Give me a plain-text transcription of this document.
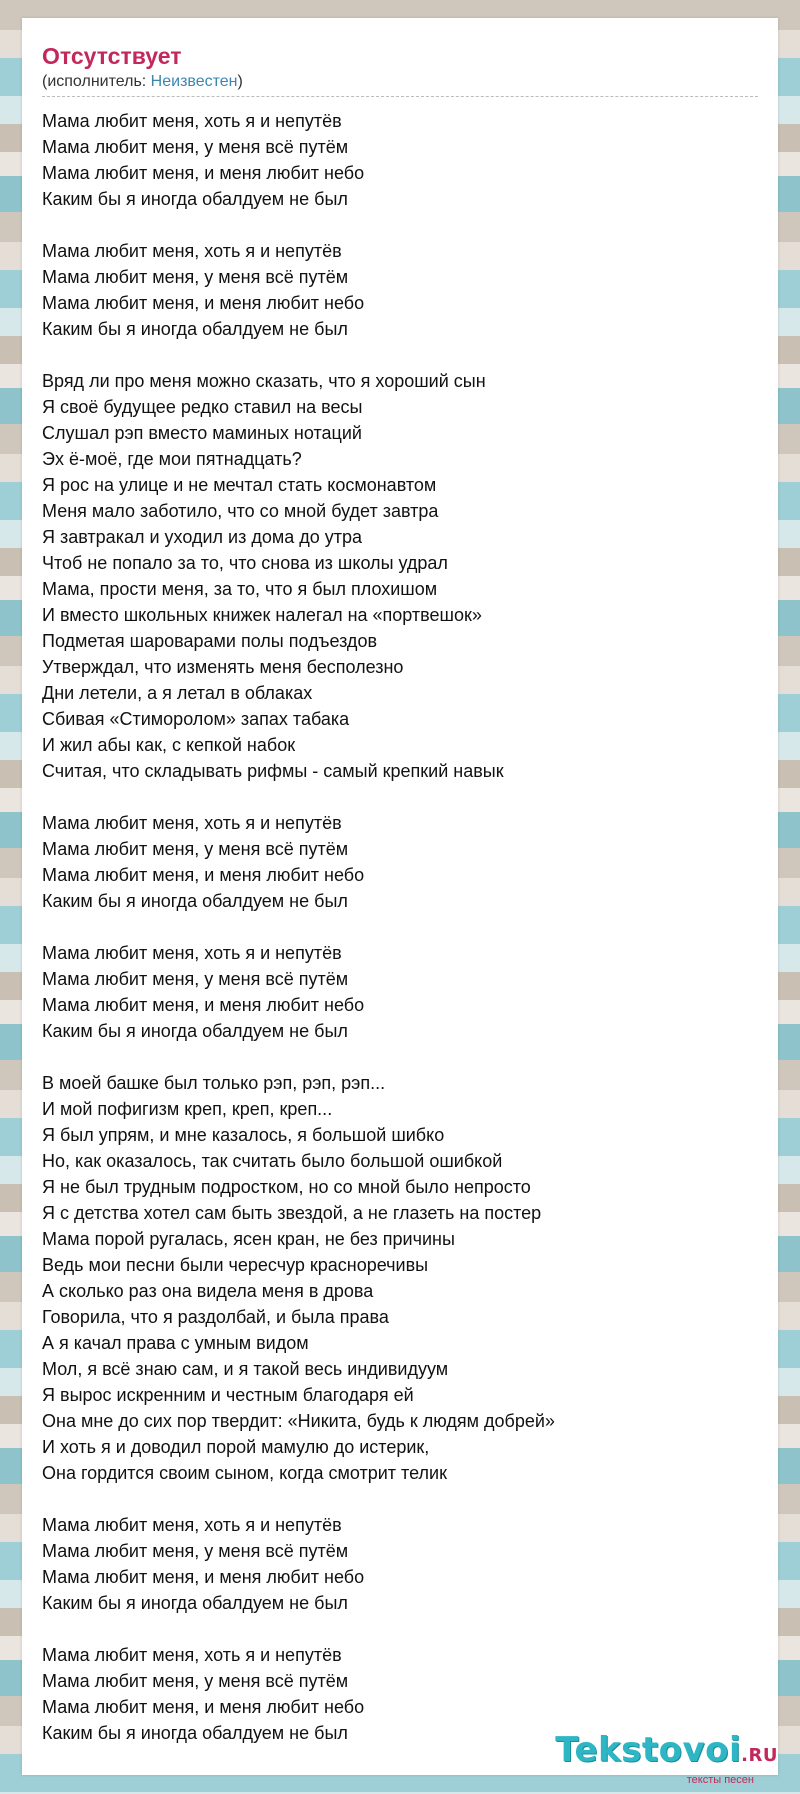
Отсутствует
(исполнитель: Неизвестен)
Мама любит меня, хоть я и непутёв
Мама любит меня, у меня всё путём
Мама любит меня, и меня любит небо
Каким бы я иногда обалдуем не был
Мама любит меня, хоть я и непутёв
Мама любит меня, у меня всё путём
Мама любит меня, и меня любит небо
Каким бы я иногда обалдуем не был
Вряд ли про меня можно сказать, что я хороший сын
Я своё будущее редко ставил на весы
Слушал рэп вместо маминых нотаций
Эх ё-моё, где мои пятнадцать?
Я рос на улице и не мечтал стать космонавтом
Меня мало заботило, что со мной будет завтра
Я завтракал и уходил из дома до утра
Чтоб не попало за то, что снова из школы удрал
Мама, прости меня, за то, что я был плохишом
И вместо школьных книжек налегал на «портвешок»
Подметая шароварами полы подъездов
Утверждал, что изменять меня бесполезно
Дни летели, а я летал в облаках
Сбивая «Стиморолом» запах табака
И жил абы как, с кепкой набок
Считая, что складывать рифмы - самый крепкий навык
Мама любит меня, хоть я и непутёв
Мама любит меня, у меня всё путём
Мама любит меня, и меня любит небо
Каким бы я иногда обалдуем не был
Мама любит меня, хоть я и непутёв
Мама любит меня, у меня всё путём
Мама любит меня, и меня любит небо
Каким бы я иногда обалдуем не был
В моей башке был только рэп, рэп, рэп...
И мой пофигизм креп, креп, креп...
Я был упрям, и мне казалось, я большой шибко
Но, как оказалось, так считать было большой ошибкой
Я не был трудным подростком, но со мной было непросто
Я с детства хотел сам быть звездой, а не глазеть на постер
Мама порой ругалась, ясен кран, не без причины
Ведь мои песни были чересчур красноречивы
А сколько раз она видела меня в дрова
Говорила, что я раздолбай, и была права
А я качал права с умным видом
Мол, я всё знаю сам, и я такой весь индивидуум
Я вырос искренним и честным благодаря ей
Она мне до сих пор твердит: «Никита, будь к людям добрей»
И хоть я и доводил порой мамулю до истерик,
Она гордится своим сыном, когда смотрит телик
Мама любит меня, хоть я и непутёв
Мама любит меня, у меня всё путём
Мама любит меня, и меня любит небо
Каким бы я иногда обалдуем не был
Мама любит меня, хоть я и непутёв
Мама любит меня, у меня всё путём
Мама любит меня, и меня любит небо
Каким бы я иногда обалдуем не был	Tekstovoi.RU
тексты песен
